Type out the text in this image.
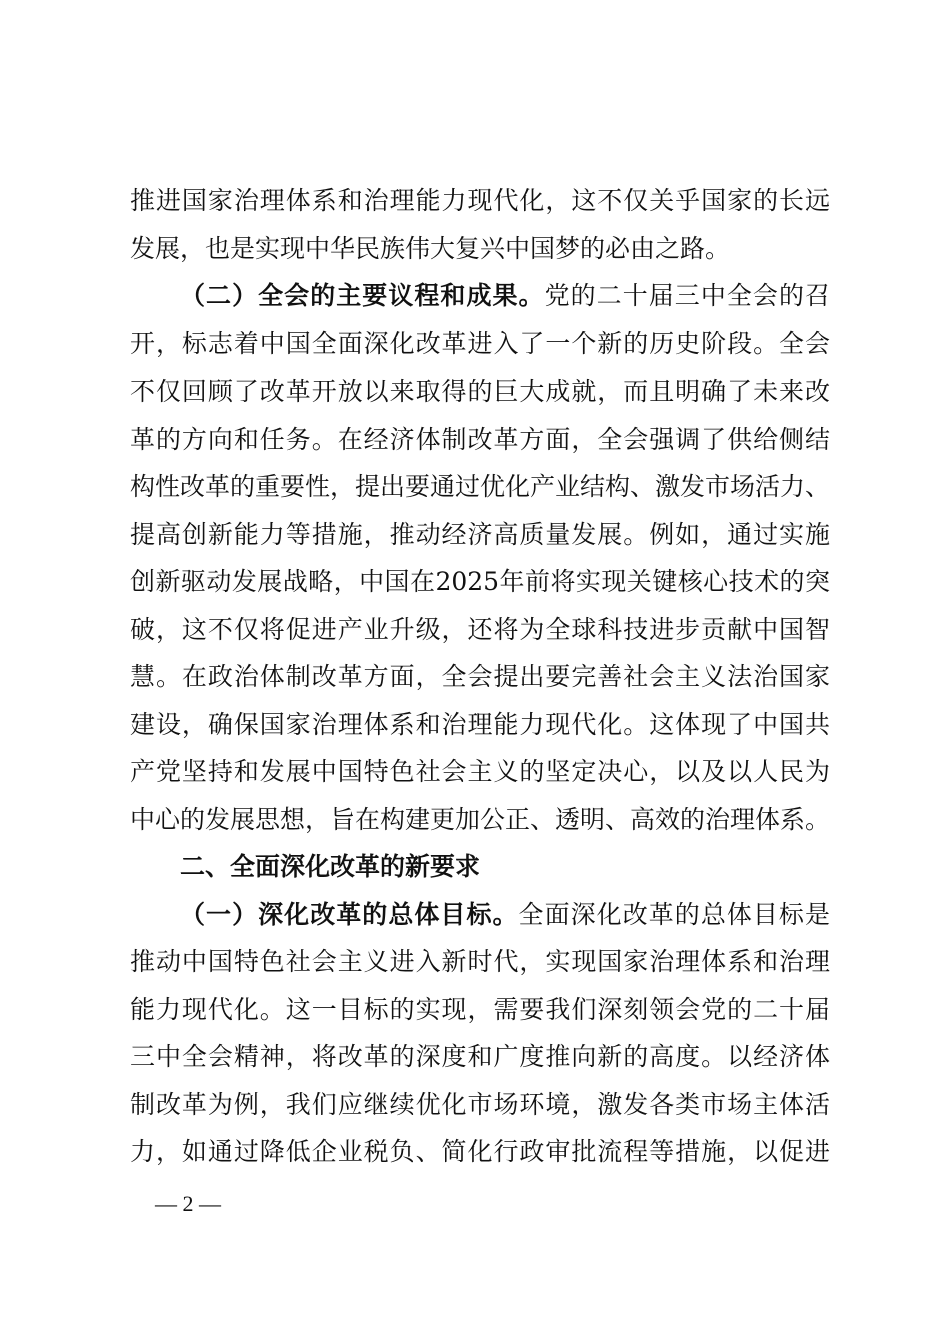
推进国家治理体系和治理能力现代化，这不仅关乎国家的长远
发展，也是实现中华民族伟大复兴中国梦的必由之路。
（二）全会的主要议程和成果。党的二十届三中全会的召
开，标志着中国全面深化改革进入了一个新的历史阶段。全会
不仅回顾了改革开放以来取得的巨大成就，而且明确了未来改
革的方向和任务。在经济体制改革方面，全会强调了供给侧结
构性改革的重要性，提出要通过优化产业结构、激发市场活力、
提高创新能力等措施，推动经济高质量发展。例如，通过实施
创新驱动发展战略，中国在2025年前将实现关键核心技术的突
破，这不仅将促进产业升级，还将为全球科技进步贡献中国智
慧。在政治体制改革方面，全会提出要完善社会主义法治国家
建设，确保国家治理体系和治理能力现代化。这体现了中国共
产党坚持和发展中国特色社会主义的坚定决心，以及以人民为
中心的发展思想，旨在构建更加公正、透明、高效的治理体系。
二、全面深化改革的新要求
（一）深化改革的总体目标。全面深化改革的总体目标是
推动中国特色社会主义进入新时代，实现国家治理体系和治理
能力现代化。这一目标的实现，需要我们深刻领会党的二十届
三中全会精神，将改革的深度和广度推向新的高度。以经济体
制改革为例，我们应继续优化市场环境，激发各类市场主体活
力，如通过降低企业税负、简化行政审批流程等措施，以促进
— 2 —
